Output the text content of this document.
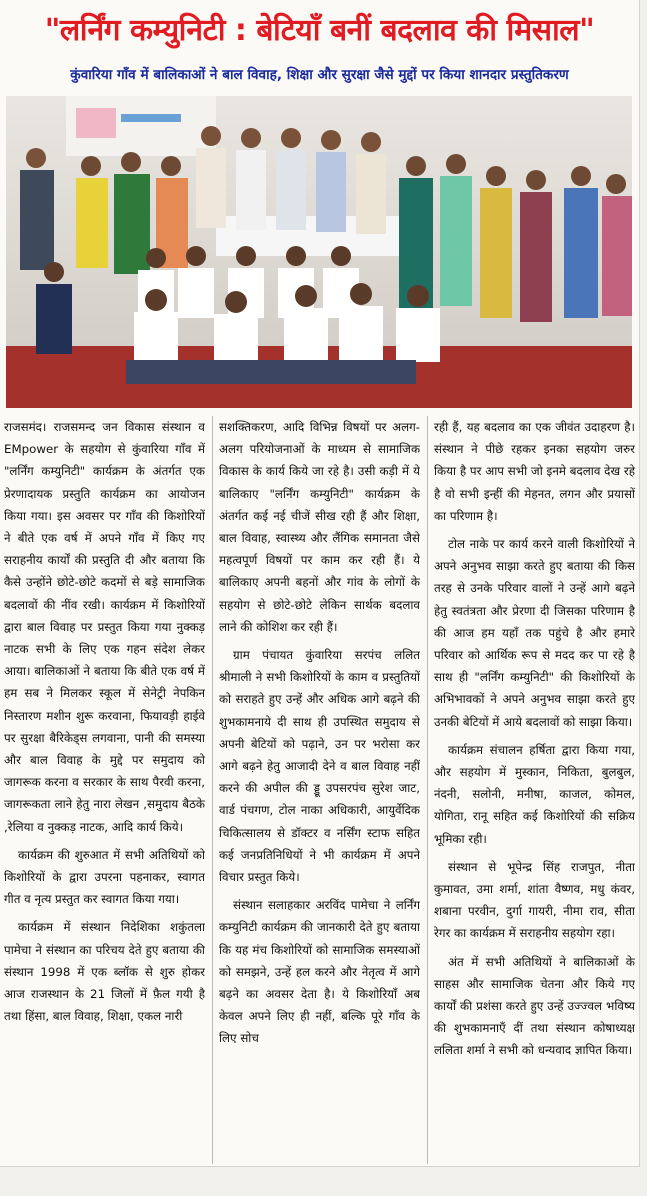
"लर्निंग कम्युनिटी : बेटियाँ बनीं बदलाव की मिसाल"
कुंवारिया गाँव में बालिकाओं ने बाल विवाह, शिक्षा और सुरक्षा जैसे मुद्दों पर किया शानदार प्रस्तुतिकरण

राजसमंद। राजसमन्द जन विकास संस्थान व EMpower के सहयोग से कुंवारिया गाँव में "लर्निंग कम्युनिटी" कार्यक्रम के अंतर्गत एक प्रेरणादायक प्रस्तुति कार्यक्रम का आयोजन किया गया। इस अवसर पर गाँव की किशोरियों ने बीते एक वर्ष में अपने गाँव में किए गए सराहनीय कार्यों की प्रस्तुति दी और बताया कि कैसे उन्होंने छोटे-छोटे कदमों से बड़े सामाजिक बदलावों की नींव रखी। कार्यक्रम में किशोरियों द्वारा बाल विवाह पर प्रस्तुत किया गया नुक्कड़ नाटक सभी के लिए एक गहन संदेश लेकर आया। बालिकाओं ने बताया कि बीते एक वर्ष में हम सब ने मिलकर स्कूल में सेनेट्री नेपकिन निस्तारण मशीन शुरू करवाना, फियावड़ी हाईवे पर सुरक्षा बैरिकेड्स लगवाना, पानी की समस्या और बाल विवाह के मुद्दे पर समुदाय को जागरूक करना व सरकार के साथ पैरवी करना, जागरूकता लाने हेतु नारा लेखन ,समुदाय बैठके ,रेलिया व नुक्कड़ नाटक, आदि कार्य किये।

कार्यक्रम की शुरुआत में सभी अतिथियों को किशोरियों के द्वारा उपरना पहनाकर, स्वागत गीत व नृत्य प्रस्तुत कर स्वागत किया गया।

कार्यक्रम में संस्थान निदेशिका शकुंतला पामेचा ने संस्थान का परिचय देते हुए बताया की संस्थान 1998 में एक ब्लॉक से शुरु होकर आज राजस्थान के 21 जिलों में फ़ैल गयी है तथा हिंसा, बाल विवाह, शिक्षा, एकल नारी

सशक्तिकरण, आदि विभिन्न विषयों पर अलग-अलग परियोजनाओं के माध्यम से सामाजिक विकास के कार्य किये जा रहे है। उसी कड़ी में ये बालिकाए "लर्निंग कम्युनिटी" कार्यक्रम के अंतर्गत कई नई चीजें सीख रही हैं और शिक्षा, बाल विवाह, स्वास्थ्य और लैंगिक समानता जैसे महत्वपूर्ण विषयों पर काम कर रही हैं। ये बालिकाए अपनी बहनों और गांव के लोगों के सहयोग से छोटे-छोटे लेकिन सार्थक बदलाव लाने की कोशिश कर रही हैं।

ग्राम पंचायत कुंवारिया सरपंच ललित श्रीमाली ने सभी किशोरियों के काम व प्रस्तुतियों को सराहते हुए उन्हें और अधिक आगे बढ़ने की शुभकामनाये दी साथ ही उपस्थित समुदाय से अपनी बेटियों को पढ़ाने, उन पर भरोसा कर आगे बढ़ने हेतु आजादी देने व बाल विवाह नहीं करने की अपील की ड्डू उपसरपंच सुरेश जाट, वार्ड पंचगण, टोल नाका अधिकारी, आयुर्वेदिक चिकित्सालय से डॉक्टर व नर्सिंग स्टाफ सहित कई जनप्रतिनिधियों ने भी कार्यक्रम में अपने विचार प्रस्तुत किये।

संस्थान सलाहकार अरविंद पामेचा ने लर्निंग कम्युनिटी कार्यक्रम की जानकारी देते हुए बताया कि यह मंच किशोरियों को सामाजिक समस्याओं को समझने, उन्हें हल करने और नेतृत्व में आगे बढ़ने का अवसर देता है। ये किशोरियाँ अब केवल अपने लिए ही नहीं, बल्कि पूरे गाँव के लिए सोच

रही हैं, यह बदलाव का एक जीवंत उदाहरण है। संस्थान ने पीछे रहकर इनका सहयोग जरुर किया है पर आप सभी जो इनमे बदलाव देख रहे है वो सभी इन्हीं की मेहनत, लगन और प्रयासों का परिणाम है।

टोल नाके पर कार्य करने वाली किशोरियों ने अपने अनुभव साझा करते हुए बताया की किस तरह से उनके परिवार वालों ने उन्हें आगे बढ़ने हेतु स्वतंत्रता और प्रेरणा दी जिसका परिणाम है की आज हम यहाँ तक पहुंचे है और हमारे परिवार को आर्थिक रूप से मदद कर पा रहे है साथ ही "लर्निंग कम्युनिटी" की किशोरियों के अभिभावकों ने अपने अनुभव साझा करते हुए उनकी बेटियों में आये बदलावों को साझा किया।

कार्यक्रम संचालन हर्षिता द्वारा किया गया, और सहयोग में मुस्कान, निकिता, बुलबुल, नंदनी, सलोनी, मनीषा, काजल, कोमल, योगिता, रानू सहित कई किशोरियों की सक्रिय भूमिका रही।

संस्थान से भूपेन्द्र सिंह राजपुत, नीता कुमावत, उमा शर्मा, शांता वैष्णव, मधु कंवर, शबाना परवीन, दुर्गा गायरी, नीमा राव, सीता रेगर का कार्यक्रम में सराहनीय सहयोग रहा।

अंत में सभी अतिथियों ने बालिकाओं के साहस और सामाजिक चेतना और किये गए कार्यों की प्रशंसा करते हुए उन्हें उज्ज्वल भविष्य की शुभकामनाएँ दीं तथा संस्थान कोषाध्यक्ष ललिता शर्मा ने सभी को धन्यवाद ज्ञापित किया।
